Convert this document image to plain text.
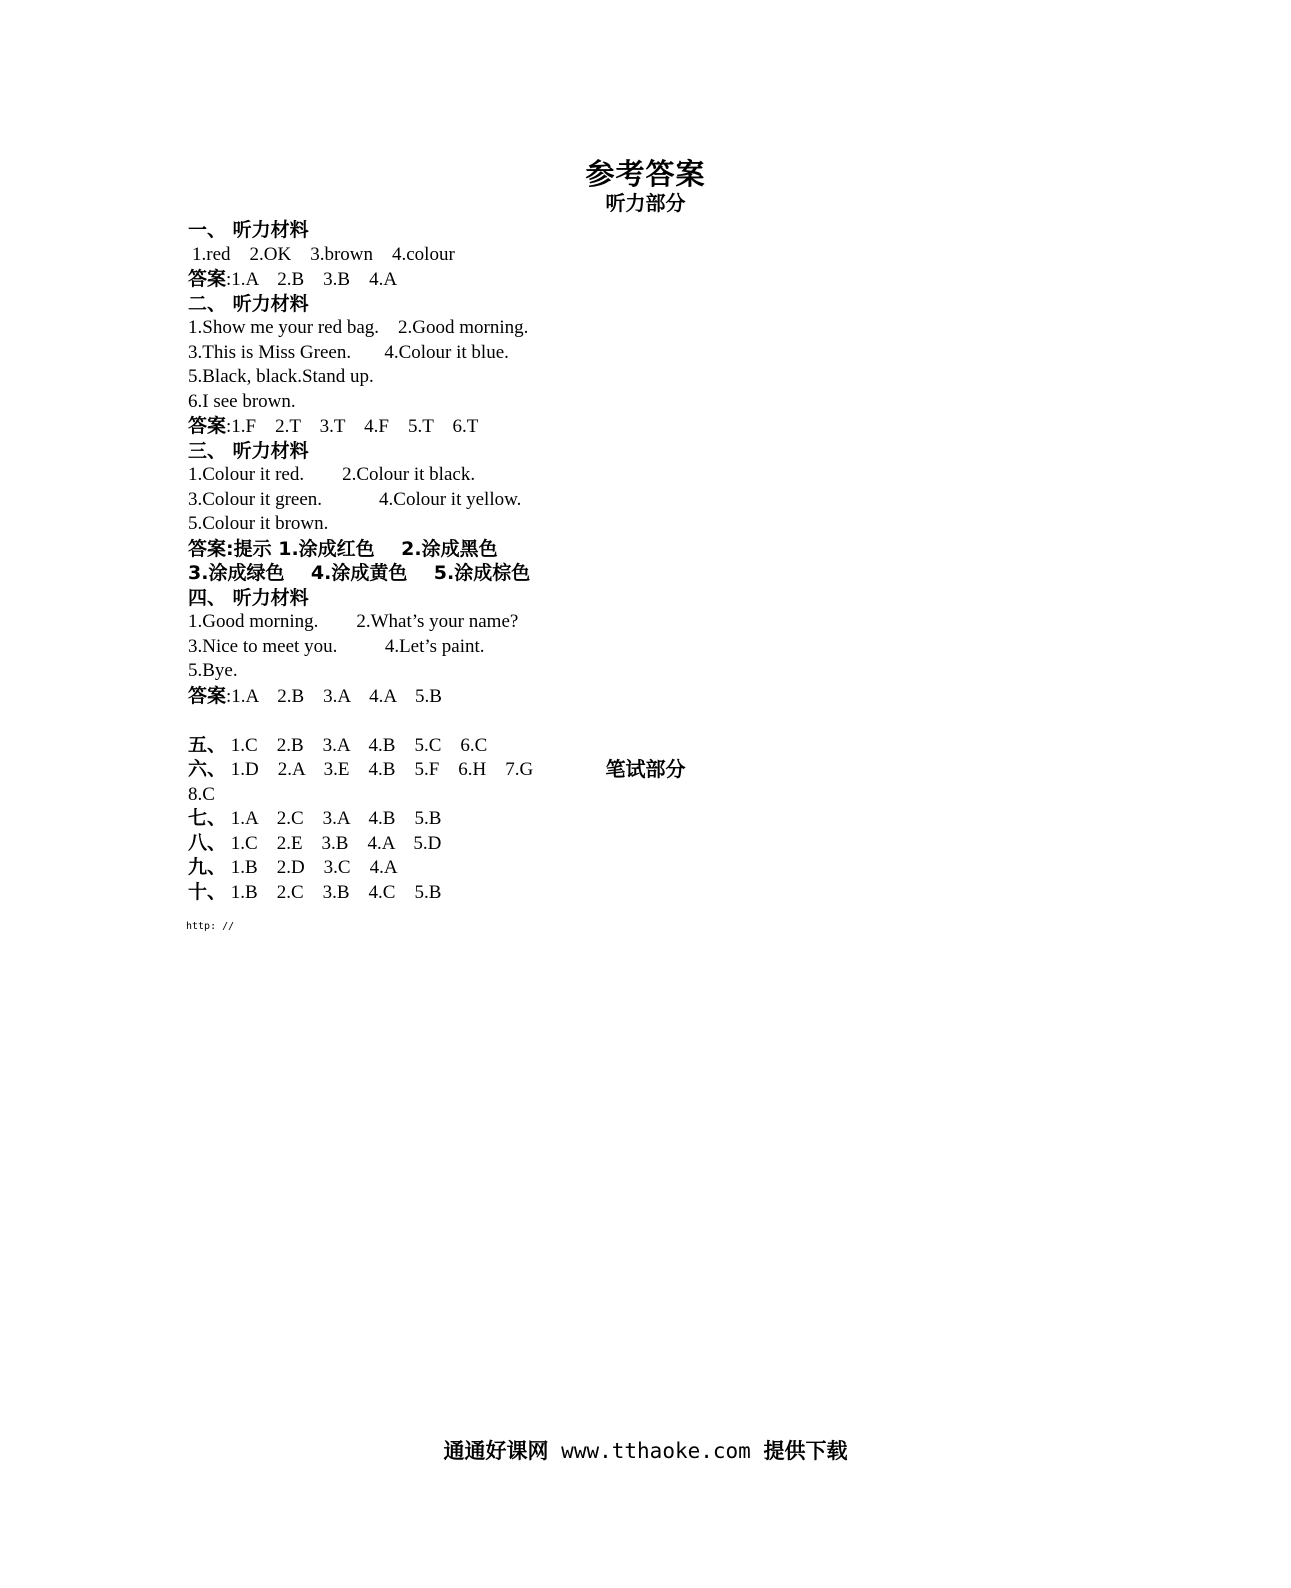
参考答案
听力部分
一、 听力材料
1.red    2.OK    3.brown    4.colour
答案:1.A    2.B    3.B    4.A
二、 听力材料
1.Show me your red bag.    2.Good morning.
3.This is Miss Green.       4.Colour it blue.
5.Black, black.Stand up.
6.I see brown.
答案:1.F    2.T    3.T    4.F    5.T    6.T
三、 听力材料
1.Colour it red.        2.Colour it black.
3.Colour it green.            4.Colour it yellow.
5.Colour it brown.
答案:提示 1.涂成红色    2.涂成黑色
3.涂成绿色    4.涂成黄色    5.涂成棕色
四、 听力材料
1.Good morning.        2.What’s your name?
3.Nice to meet you.          4.Let’s paint.
5.Bye.
答案:1.A    2.B    3.A    4.A    5.B

笔试部分

五、 1.C    2.B    3.A    4.B    5.C    6.C
六、 1.D    2.A    3.E    4.B    5.F    6.H    7.G
8.C
七、 1.A    2.C    3.A    4.B    5.B
八、 1.C    2.E    3.B    4.A    5.D
九、 1.B    2.D    3.C    4.A
十、 1.B    2.C    3.B    4.C    5.B
http: //
通通好课网 www.tthaoke.com 提供下载
